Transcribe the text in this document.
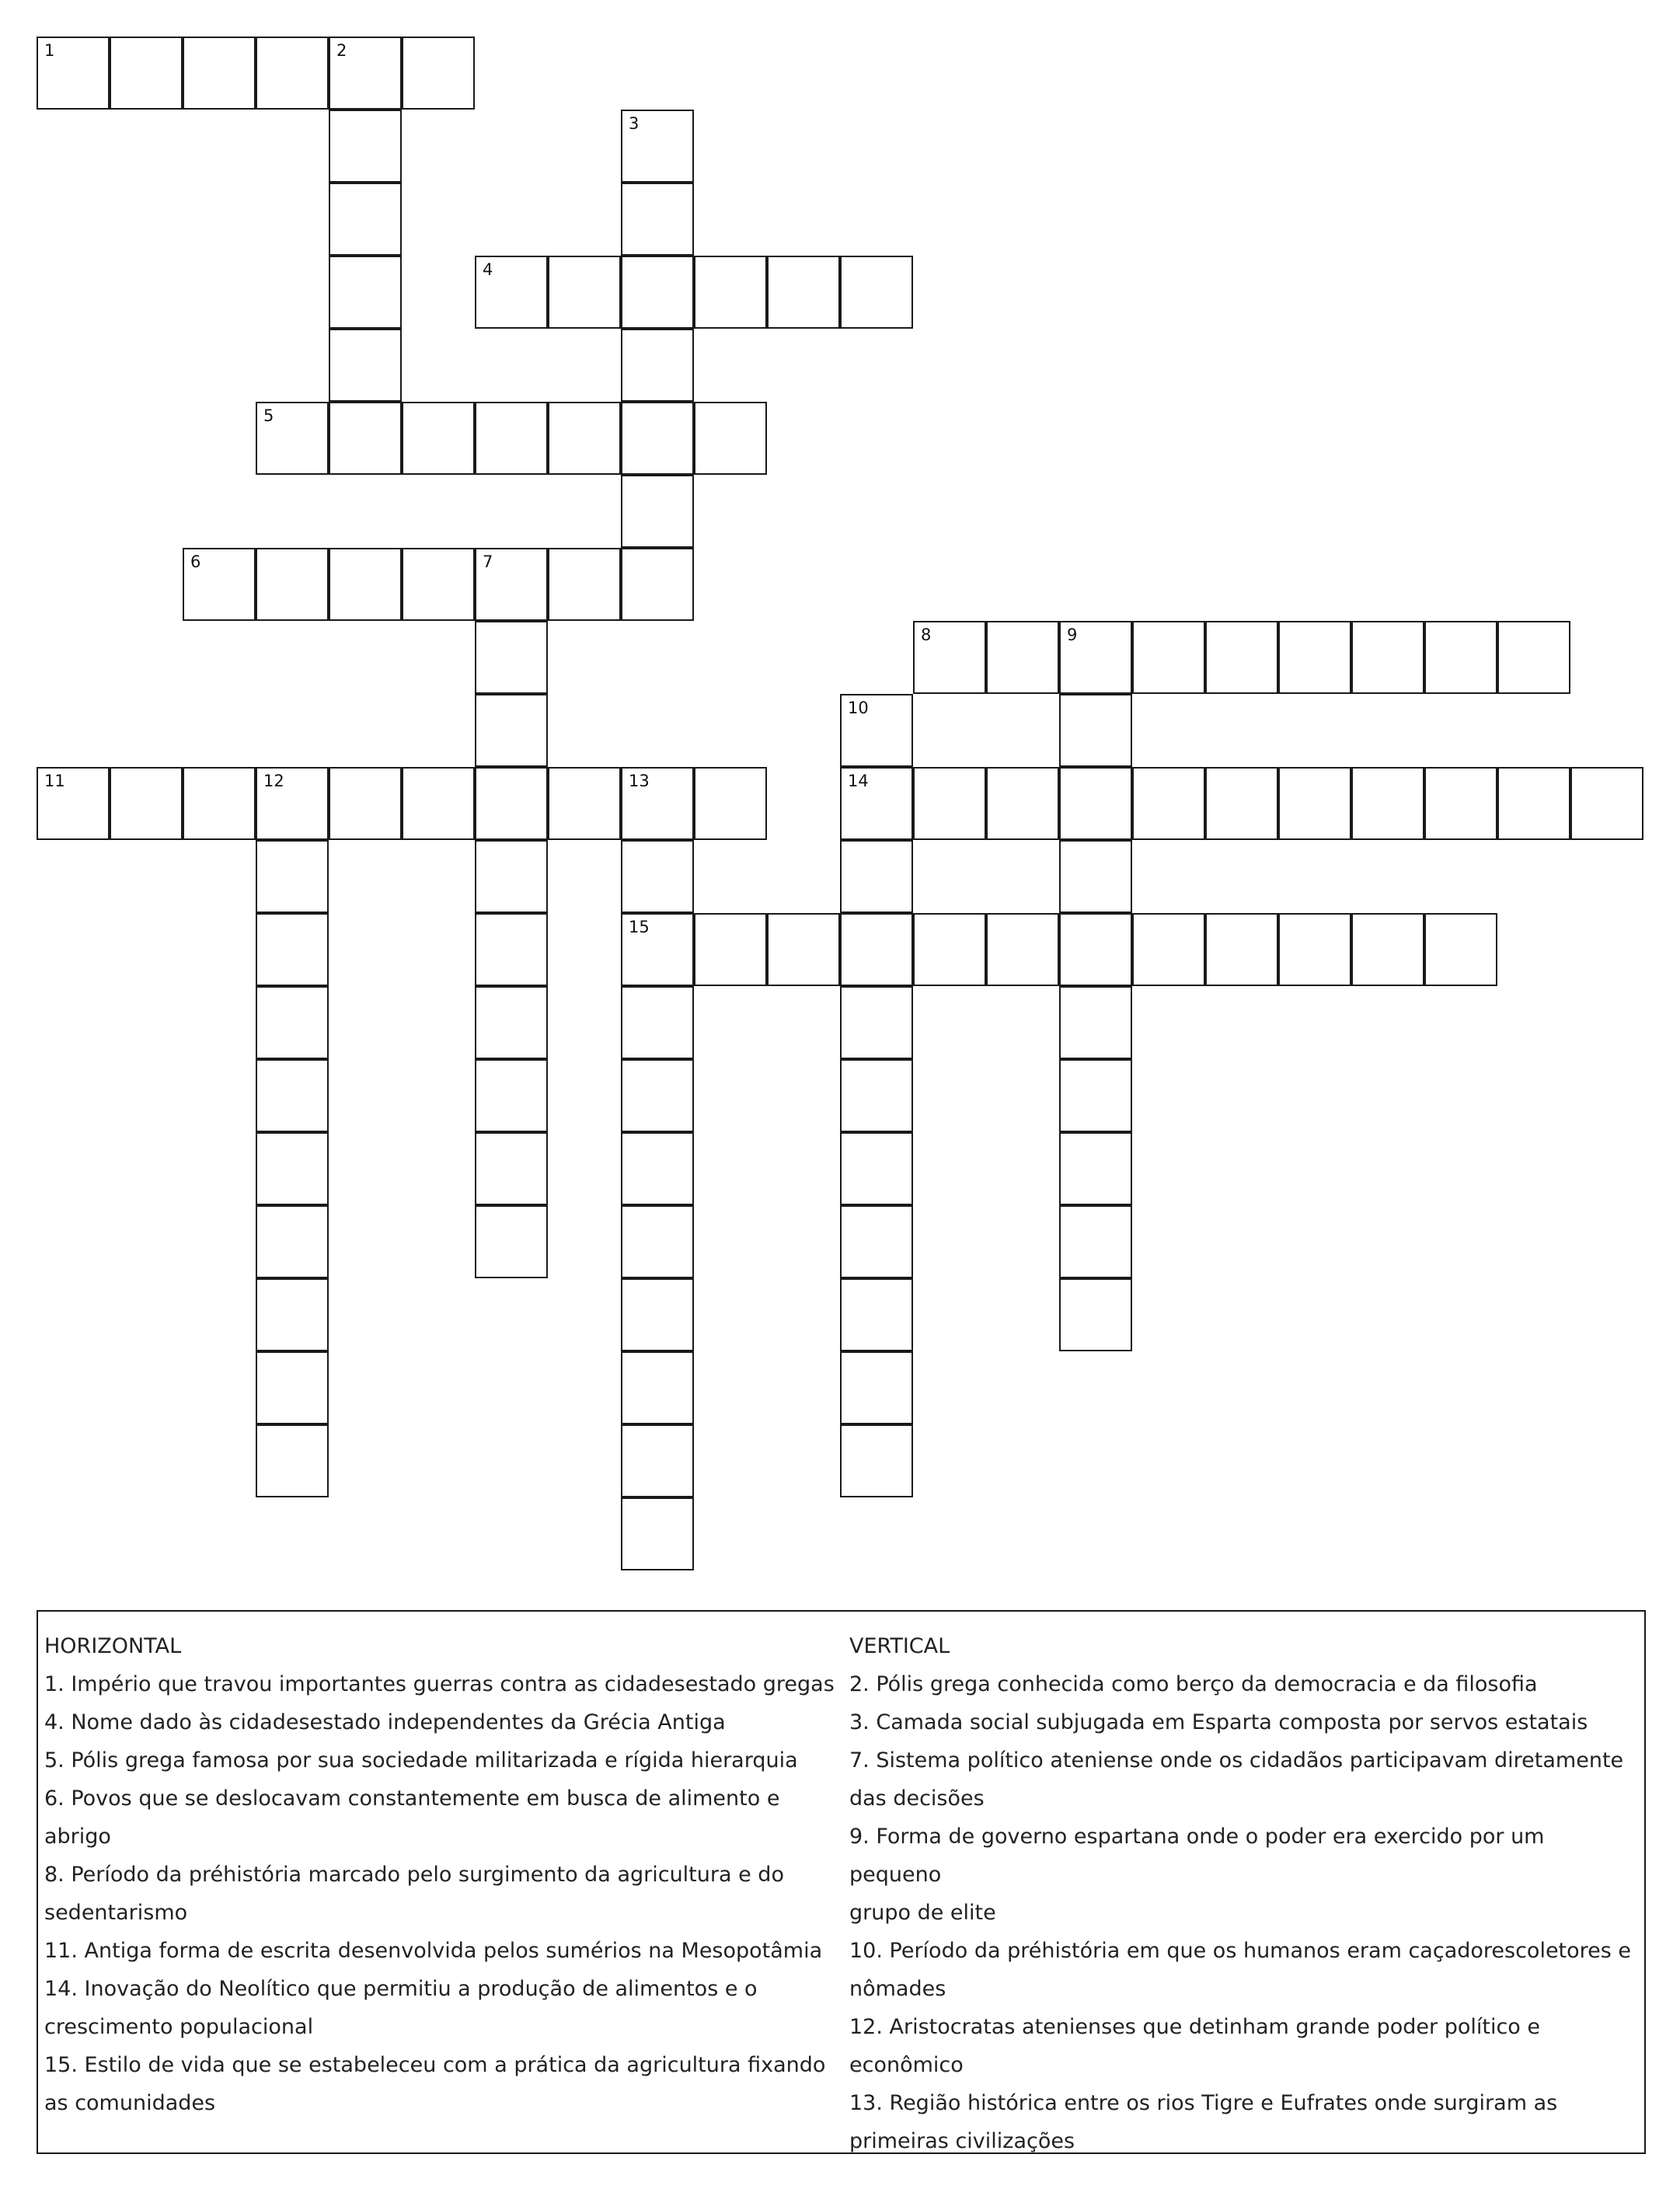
1	2
3
4
5
6	7
8	9
10
14
11	12	13
15
HORIZONTAL
1. Império que travou importantes guerras contra as cidadesestado gregas
4. Nome dado às cidadesestado independentes da Grécia Antiga
5. Pólis grega famosa por sua sociedade militarizada e rígida hierarquia
6. Povos que se deslocavam constantemente em busca de alimento e abrigo
8. Período da préhistória marcado pelo surgimento da agricultura e do
sedentarismo
11. Antiga forma de escrita desenvolvida pelos sumérios na Mesopotâmia
14. Inovação do Neolítico que permitiu a produção de alimentos e o
crescimento populacional
15. Estilo de vida que se estabeleceu com a prática da agricultura fixando
as comunidades
VERTICAL
2. Pólis grega conhecida como berço da democracia e da filosofia
3. Camada social subjugada em Esparta composta por servos estatais
7. Sistema político ateniense onde os cidadãos participavam diretamente
das decisões
9. Forma de governo espartana onde o poder era exercido por um pequeno
grupo de elite
10. Período da préhistória em que os humanos eram caçadorescoletores e
nômades
12. Aristocratas atenienses que detinham grande poder político e
econômico
13. Região histórica entre os rios Tigre e Eufrates onde surgiram as
primeiras civilizações
